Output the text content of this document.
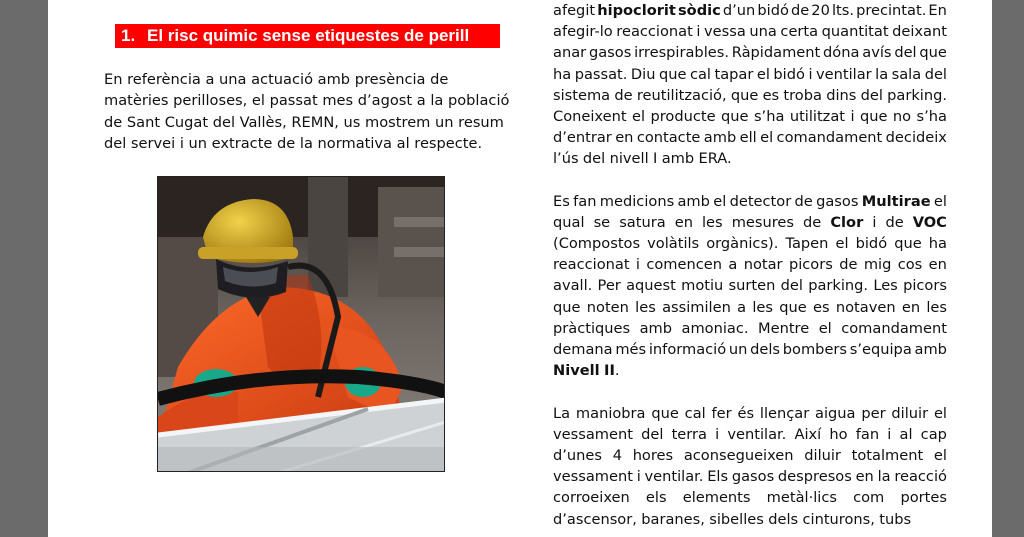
1. El risc quimic sense etiquestes de perill

En referència a una actuació amb presència de

matèries perilloses, el passat mes d’agost a la població

de Sant Cugat del Vallès, REMN, us mostrem un resum

del servei i un extracte de la normativa al respecte.

afegit hipoclorit sòdic d’un bidó de 20 lts. precintat. En
afegir-lo reaccionat i vessa una certa quantitat deixant
anar gasos irrespirables. Ràpidament dóna avís del que
ha passat. Diu que cal tapar el bidó i ventilar la sala del
sistema de reutilització, que es troba dins del parking.
Coneixent el producte que s’ha utilitzat i que no s’ha
d’entrar en contacte amb ell el comandament decideix
l’ús del nivell I amb ERA.
Es fan medicions amb el detector de gasos Multirae el
qual se satura en les mesures de Clor i de VOC
(Compostos volàtils orgànics). Tapen el bidó que ha
reaccionat i comencen a notar picors de mig cos en
avall. Per aquest motiu surten del parking. Les picors
que noten les assimilen a les que es notaven en les
pràctiques amb amoniac. Mentre el comandament
demana més informació un dels bombers s’equipa amb
Nivell II.
La maniobra que cal fer és llençar aigua per diluir el
vessament del terra i ventilar. Així ho fan i al cap
d’unes 4 hores aconsegueixen diluir totalment el
vessament i ventilar. Els gasos despresos en la reacció
corroeixen els elements metàl·lics com portes
d’ascensor, baranes, sibelles dels cinturons, tubs
